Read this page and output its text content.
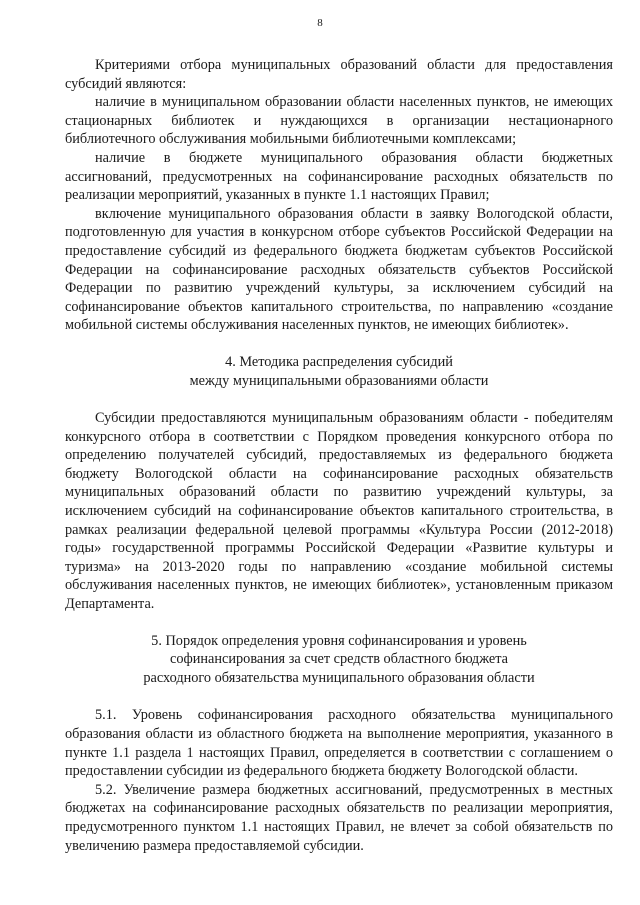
8

Критериями отбора муниципальных образований области для предоставления субсидий являются:

наличие в муниципальном образовании области населенных пунктов, не имеющих стационарных библиотек и нуждающихся в организации нестационарного библиотечного обслуживания мобильными библиотечными комплексами;

наличие в бюджете муниципального образования области бюджетных ассигнований, предусмотренных на софинансирование расходных обязательств по реализации мероприятий, указанных в пункте 1.1 настоящих Правил;

включение муниципального образования области в заявку Вологодской области, подготовленную для участия в конкурсном отборе субъектов Российской Федерации на предоставление субсидий из федерального бюджета бюджетам субъектов Российской Федерации на софинансирование расходных обязательств субъектов Российской Федерации по развитию учреждений культуры, за исключением субсидий на софинансирование объектов капитального строительства, по направлению «создание мобильной системы обслуживания населенных пунктов, не имеющих библиотек».

4. Методика распределения субсидий

между муниципальными образованиями области

Субсидии предоставляются муниципальным образованиям области - победителям конкурсного отбора в соответствии с Порядком проведения конкурсного отбора по определению получателей субсидий, предоставляемых из федерального бюджета бюджету Вологодской области на софинансирование расходных обязательств муниципальных образований области по развитию учреждений культуры, за исключением субсидий на софинансирование объектов капитального строительства, в рамках реализации федеральной целевой программы «Культура России (2012-2018) годы» государственной программы Российской Федерации «Развитие культуры и туризма» на 2013-2020 годы по направлению «создание мобильной системы обслуживания населенных пунктов, не имеющих библиотек», установленным приказом Департамента.

5. Порядок определения уровня софинансирования и уровень

софинансирования за счет средств областного бюджета

расходного обязательства муниципального образования области

5.1. Уровень софинансирования расходного обязательства муниципального образования области из областного бюджета на выполнение мероприятия, указанного в пункте 1.1 раздела 1 настоящих Правил, определяется в соответствии с соглашением о предоставлении субсидии из федерального бюджета бюджету Вологодской области.

5.2. Увеличение размера бюджетных ассигнований, предусмотренных в местных бюджетах на софинансирование расходных обязательств по реализации мероприятия, предусмотренного пунктом 1.1 настоящих Правил, не влечет за собой обязательств по увеличению размера предоставляемой субсидии.
